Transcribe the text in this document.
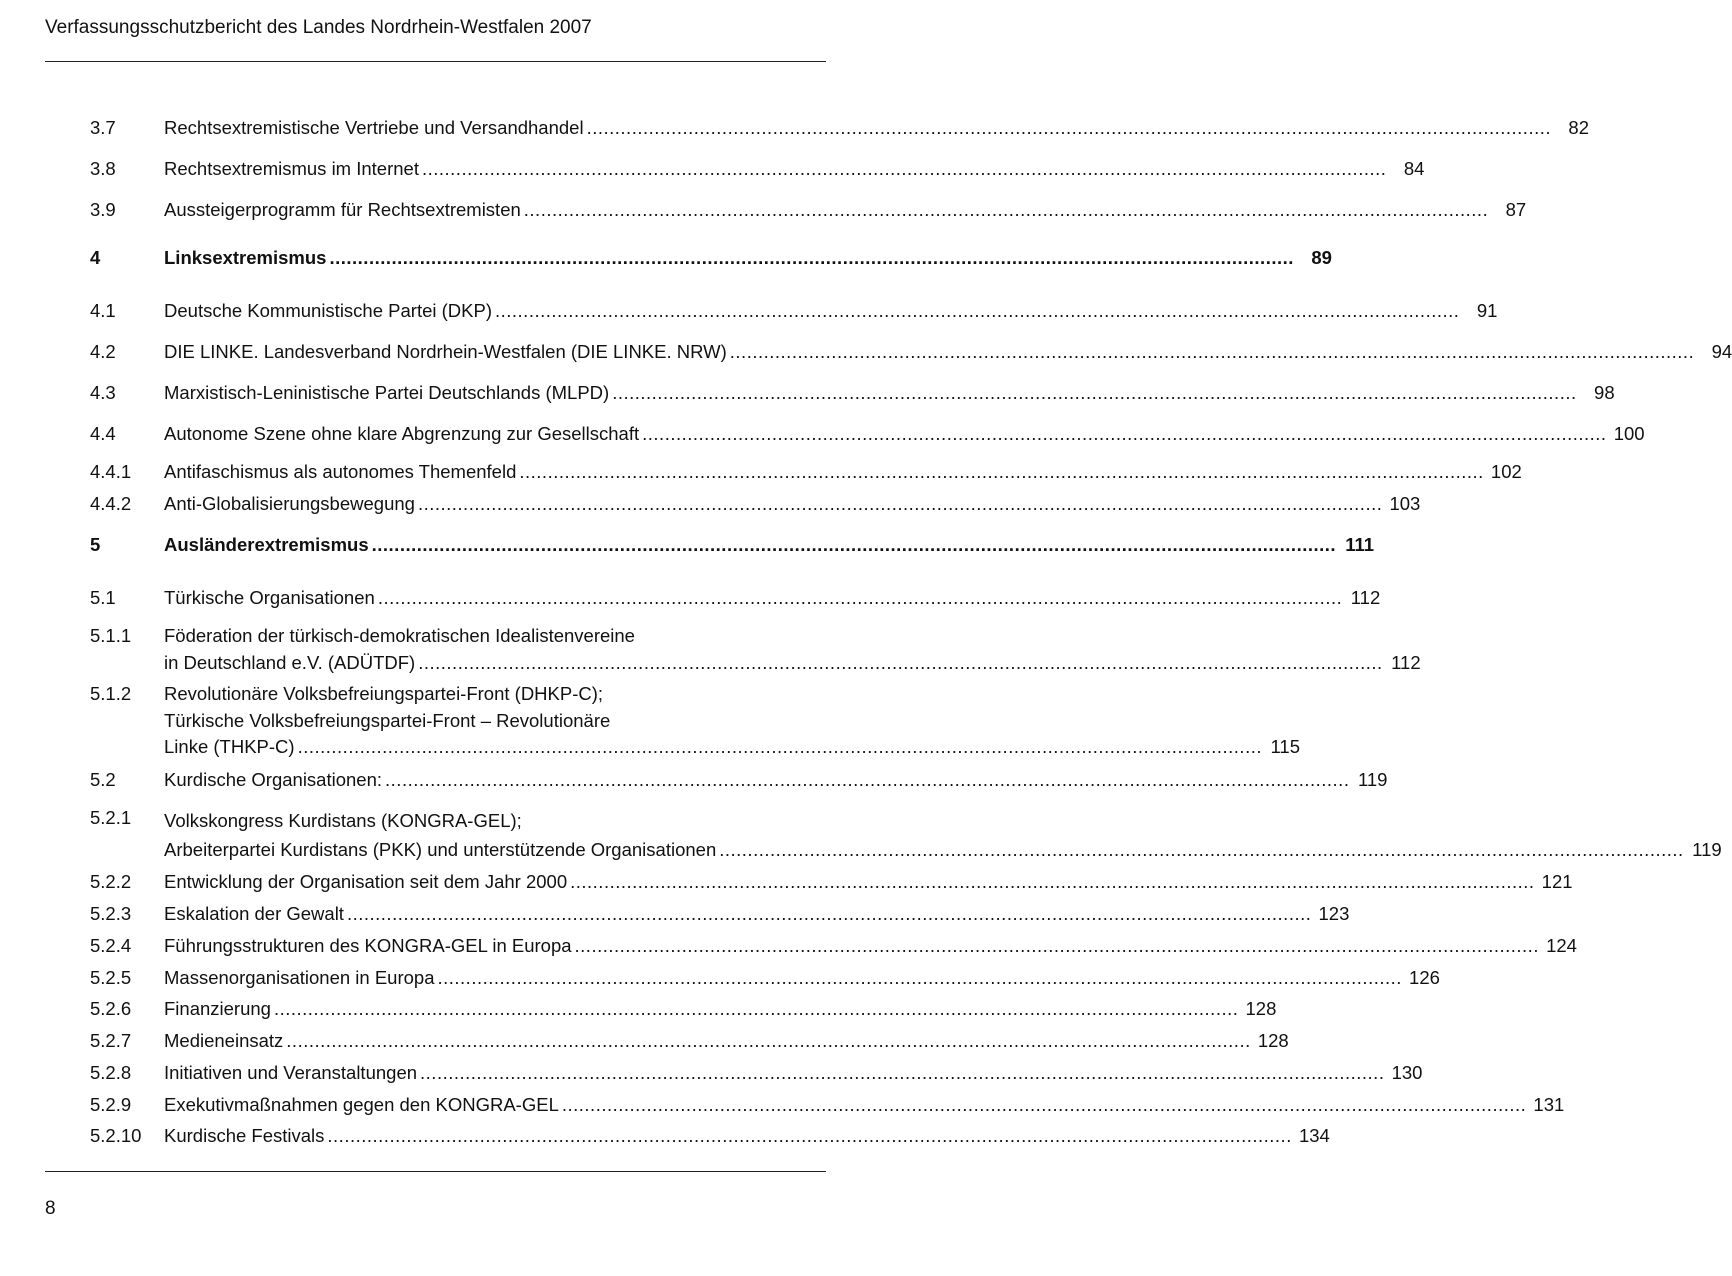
Verfassungsschutzbericht des Landes Nordrhein-Westfalen 2007
3.7	Rechtsextremistische Vertriebe und Versandhandel ........................................................................................................................................................................... 82
3.8	Rechtsextremismus im Internet ........................................................................................................................................................................... 84
3.9	Aussteigerprogramm für Rechtsextremisten ........................................................................................................................................................................... 87
4	Linksextremismus ........................................................................................................................................................................... 89
4.1	Deutsche Kommunistische Partei (DKP) ........................................................................................................................................................................... 91
4.2	DIE LINKE. Landesverband Nordrhein-Westfalen (DIE LINKE. NRW) ........................................................................................................................................................................... 94
4.3	Marxistisch-Leninistische Partei Deutschlands (MLPD) ........................................................................................................................................................................... 98
4.4	Autonome Szene ohne klare Abgrenzung zur Gesellschaft ........................................................................................................................................................................... 100
4.4.1 Antifaschismus als autonomes Themenfeld ........................................................................................................................................................................... 102
4.4.2 Anti-Globalisierungsbewegung ........................................................................................................................................................................... 103
5	Ausländerextremismus ........................................................................................................................................................................... 111
5.1	Türkische Organisationen ........................................................................................................................................................................... 112
5.1.1 Föderation der türkisch-demokratischen Idealistenvereine
in Deutschland e.V. (ADÜTDF) ........................................................................................................................................................................... 112
5.1.2 Revolutionäre Volksbefreiungspartei-Front (DHKP-C);
Türkische Volksbefreiungspartei-Front – Revolutionäre
Linke (THKP-C) ........................................................................................................................................................................... 115
5.2	Kurdische Organisationen: ........................................................................................................................................................................... 119
5.2.1 Volkskongress Kurdistans (KONGRA-GEL);
Arbeiterpartei Kurdistans (PKK) und unterstützende Organisationen ........................................................................................................................................................................... 119
5.2.2 Entwicklung der Organisation seit dem Jahr 2000 ........................................................................................................................................................................... 121
5.2.3 Eskalation der Gewalt ........................................................................................................................................................................... 123
5.2.4 Führungsstrukturen des KONGRA-GEL in Europa ........................................................................................................................................................................... 124
5.2.5 Massenorganisationen in Europa ........................................................................................................................................................................... 126
5.2.6 Finanzierung ........................................................................................................................................................................... 128
5.2.7 Medieneinsatz ........................................................................................................................................................................... 128
5.2.8 Initiativen und Veranstaltungen ........................................................................................................................................................................... 130
5.2.9 Exekutivmaßnahmen gegen den KONGRA-GEL ........................................................................................................................................................................... 131
5.2.10 Kurdische Festivals ........................................................................................................................................................................... 134
8
